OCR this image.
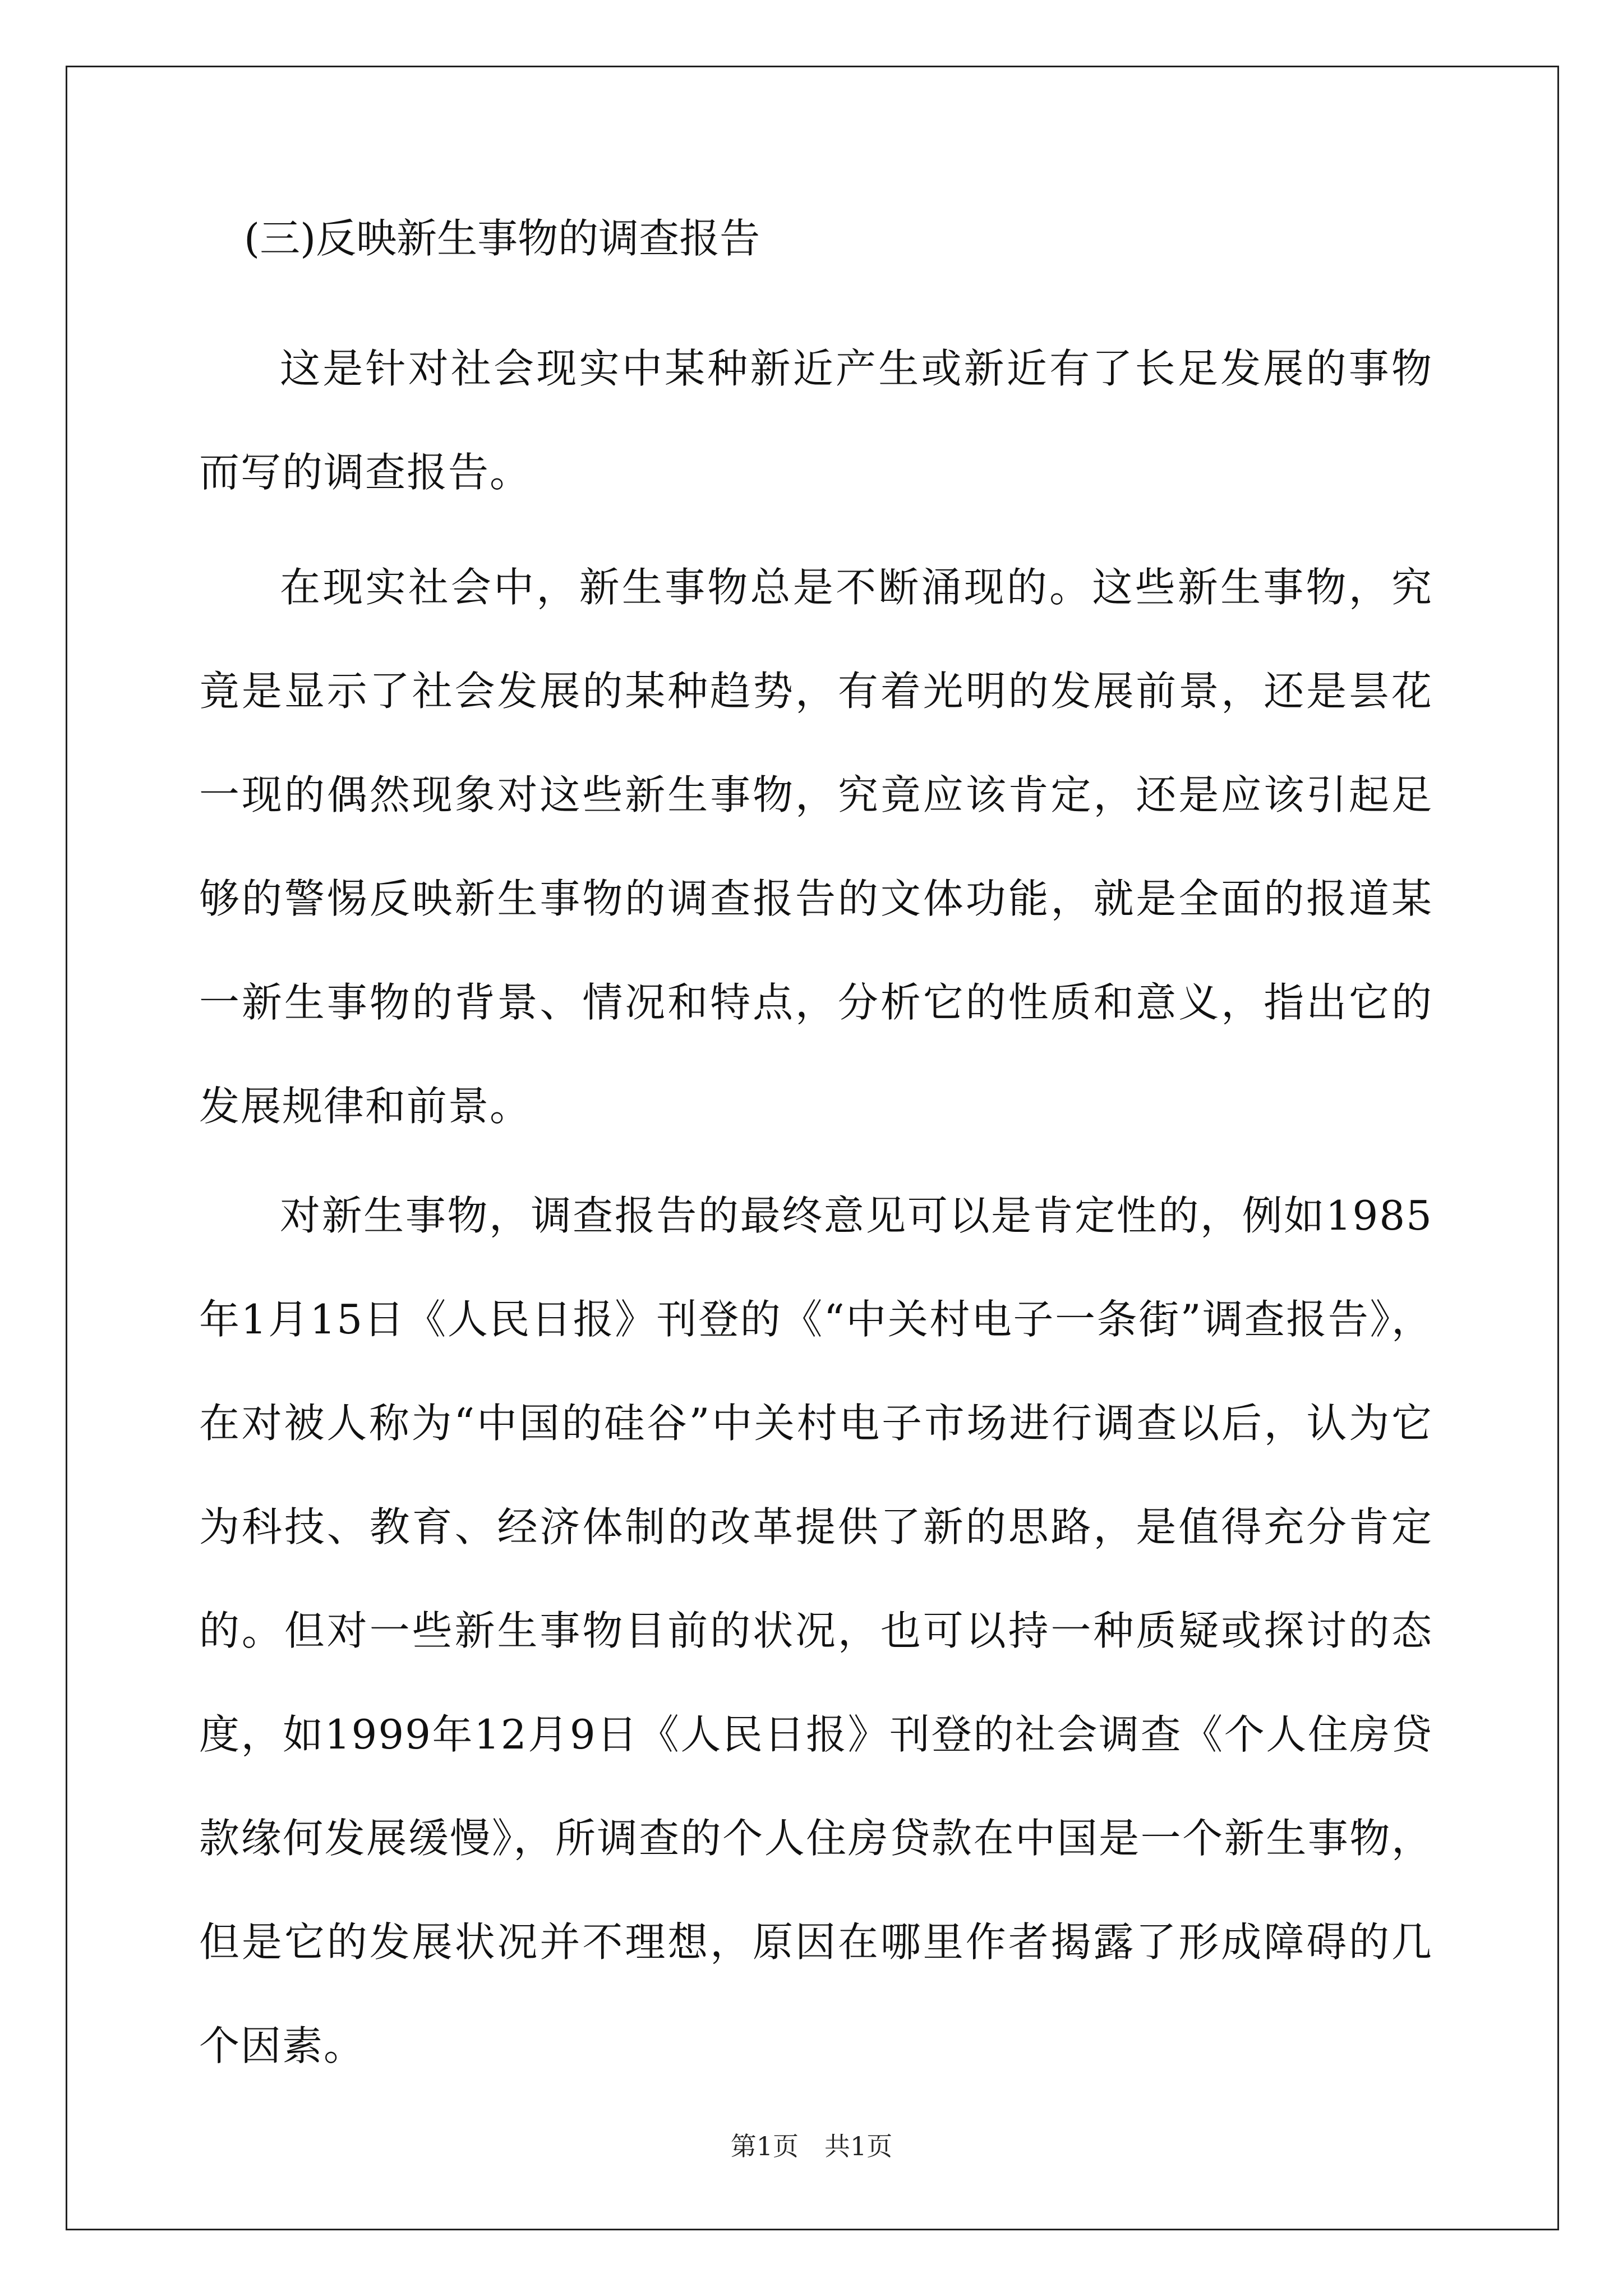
(三)反映新生事物的调查报告

这是针对社会现实中某种新近产生或新近有了长足发展的事物而写的调查报告。

在现实社会中，新生事物总是不断涌现的。这些新生事物，究竟是显示了社会发展的某种趋势，有着光明的发展前景，还是昙花一现的偶然现象对这些新生事物，究竟应该肯定，还是应该引起足够的警惕反映新生事物的调查报告的文体功能，就是全面的报道某一新生事物的背景、情况和特点，分析它的性质和意义，指出它的发展规律和前景。

对新生事物，调查报告的最终意见可以是肯定性的，例如1985年1月15日《人民日报》刊登的《“中关村电子一条街”调查报告》，在对被人称为“中国的硅谷”中关村电子市场进行调查以后，认为它为科技、教育、经济体制的改革提供了新的思路，是值得充分肯定的。但对一些新生事物目前的状况，也可以持一种质疑或探讨的态度，如1999年12月9日《人民日报》刊登的社会调查《个人住房贷款缘何发展缓慢》，所调查的个人住房贷款在中国是一个新生事物，但是它的发展状况并不理想，原因在哪里作者揭露了形成障碍的几个因素。

第1页　共1页
